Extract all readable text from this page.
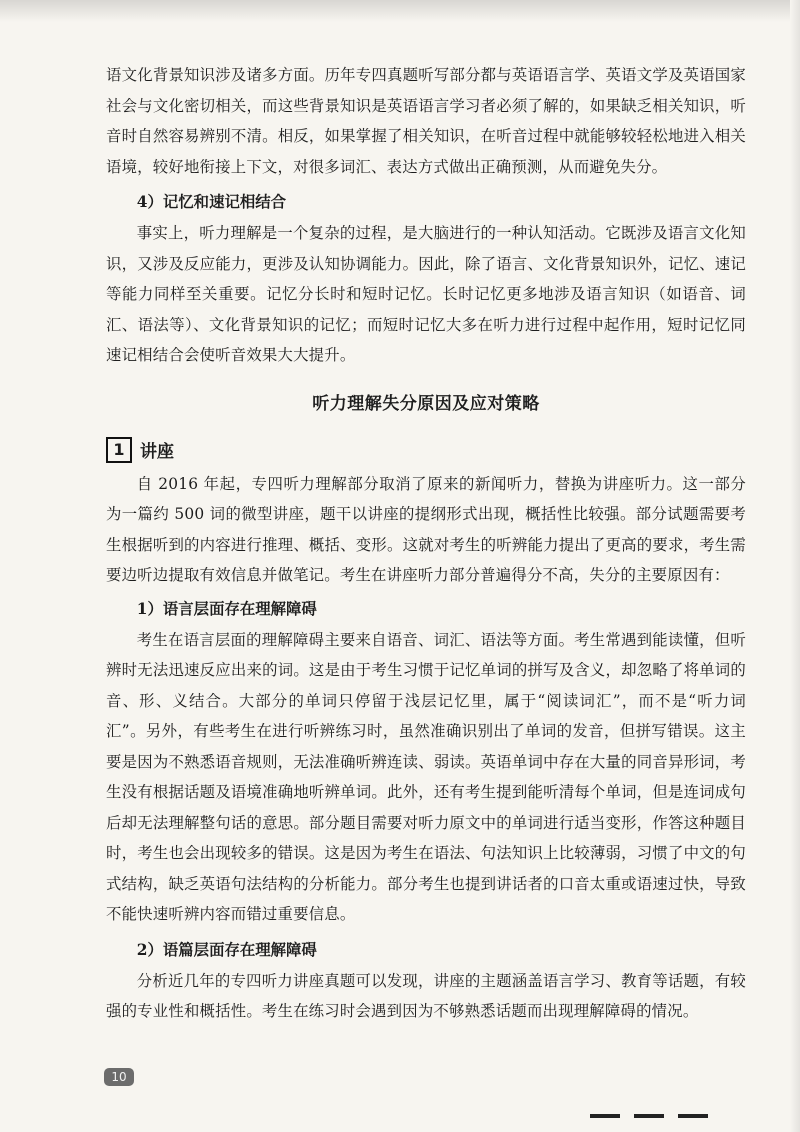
语文化背景知识涉及诸多方面。历年专四真题听写部分都与英语语言学、英语文学及英语国家社会与文化密切相关，而这些背景知识是英语语言学习者必须了解的，如果缺乏相关知识，听音时自然容易辨别不清。相反，如果掌握了相关知识，在听音过程中就能够较轻松地进入相关语境，较好地衔接上下文，对很多词汇、表达方式做出正确预测，从而避免失分。

4）记忆和速记相结合

事实上，听力理解是一个复杂的过程，是大脑进行的一种认知活动。它既涉及语言文化知识，又涉及反应能力，更涉及认知协调能力。因此，除了语言、文化背景知识外，记忆、速记等能力同样至关重要。记忆分长时和短时记忆。长时记忆更多地涉及语言知识（如语音、词汇、语法等）、文化背景知识的记忆；而短时记忆大多在听力进行过程中起作用，短时记忆同速记相结合会使听音效果大大提升。

听力理解失分原因及应对策略
1 讲座

自 2016 年起，专四听力理解部分取消了原来的新闻听力，替换为讲座听力。这一部分为一篇约 500 词的微型讲座，题干以讲座的提纲形式出现，概括性比较强。部分试题需要考生根据听到的内容进行推理、概括、变形。这就对考生的听辨能力提出了更高的要求，考生需要边听边提取有效信息并做笔记。考生在讲座听力部分普遍得分不高，失分的主要原因有：

1）语言层面存在理解障碍

考生在语言层面的理解障碍主要来自语音、词汇、语法等方面。考生常遇到能读懂，但听辨时无法迅速反应出来的词。这是由于考生习惯于记忆单词的拼写及含义，却忽略了将单词的音、形、义结合。大部分的单词只停留于浅层记忆里，属于“阅读词汇”，而不是“听力词汇”。另外，有些考生在进行听辨练习时，虽然准确识别出了单词的发音，但拼写错误。这主要是因为不熟悉语音规则，无法准确听辨连读、弱读。英语单词中存在大量的同音异形词，考生没有根据话题及语境准确地听辨单词。此外，还有考生提到能听清每个单词，但是连词成句后却无法理解整句话的意思。部分题目需要对听力原文中的单词进行适当变形，作答这种题目时，考生也会出现较多的错误。这是因为考生在语法、句法知识上比较薄弱，习惯了中文的句式结构，缺乏英语句法结构的分析能力。部分考生也提到讲话者的口音太重或语速过快，导致不能快速听辨内容而错过重要信息。

2）语篇层面存在理解障碍

分析近几年的专四听力讲座真题可以发现，讲座的主题涵盖语言学习、教育等话题，有较强的专业性和概括性。考生在练习时会遇到因为不够熟悉话题而出现理解障碍的情况。

10
